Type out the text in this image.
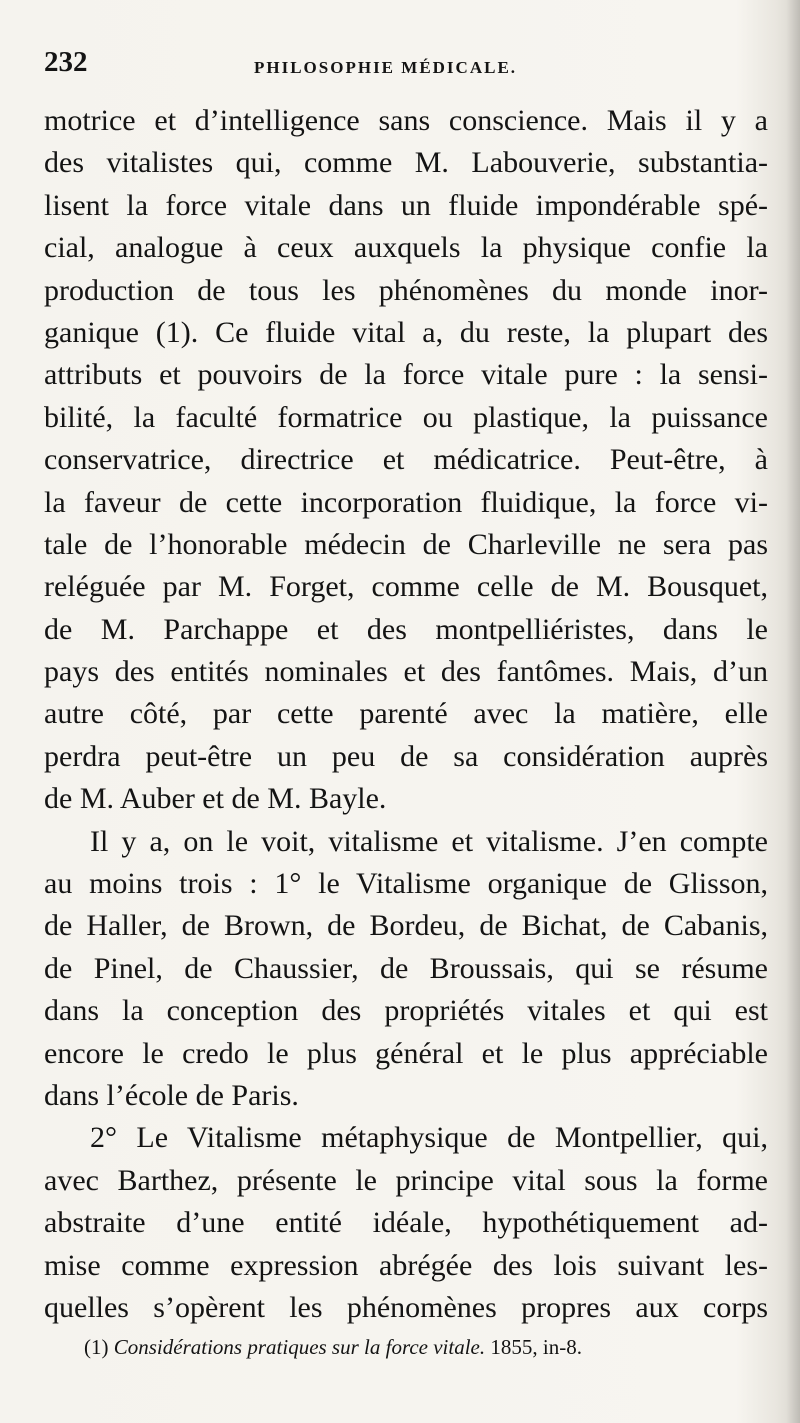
232	PHILOSOPHIE MÉDICALE.
motrice et d’intelligence sans conscience. Mais il y a
des vitalistes qui, comme M. Labouverie, substantia-
lisent la force vitale dans un fluide impondérable spé-
cial, analogue à ceux auxquels la physique confie la
production de tous les phénomènes du monde inor-
ganique (1). Ce fluide vital a, du reste, la plupart des
attributs et pouvoirs de la force vitale pure : la sensi-
bilité, la faculté formatrice ou plastique, la puissance
conservatrice, directrice et médicatrice. Peut-être, à
la faveur de cette incorporation fluidique, la force vi-
tale de l’honorable médecin de Charleville ne sera pas
reléguée par M. Forget, comme celle de M. Bousquet,
de M. Parchappe et des montpelliéristes, dans le
pays des entités nominales et des fantômes. Mais, d’un
autre côté, par cette parenté avec la matière, elle
perdra peut-être un peu de sa considération auprès
de M. Auber et de M. Bayle.
Il y a, on le voit, vitalisme et vitalisme. J’en compte
au moins trois : 1° le Vitalisme organique de Glisson,
de Haller, de Brown, de Bordeu, de Bichat, de Cabanis,
de Pinel, de Chaussier, de Broussais, qui se résume
dans la conception des propriétés vitales et qui est
encore le credo le plus général et le plus appréciable
dans l’école de Paris.
2° Le Vitalisme métaphysique de Montpellier, qui,
avec Barthez, présente le principe vital sous la forme
abstraite d’une entité idéale, hypothétiquement ad-
mise comme expression abrégée des lois suivant les-
quelles s’opèrent les phénomènes propres aux corps
(1) Considérations pratiques sur la force vitale. 1855, in-8.
